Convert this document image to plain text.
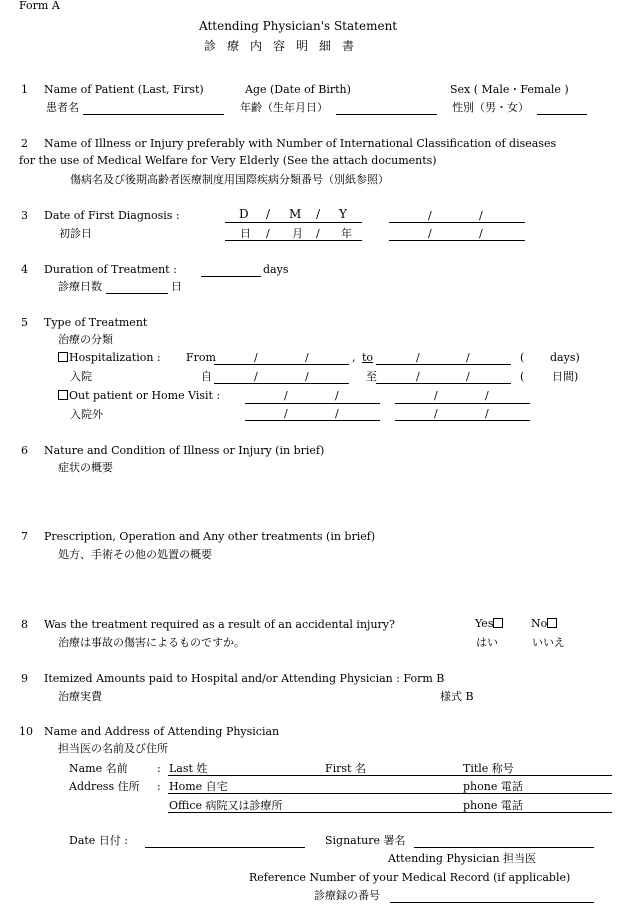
Form A
Attending Physician's Statement
診療内容明細書
1 Name of Patient (Last, First)	Age (Date of Birth)	Sex ( Male・Female )
患者名	年齢（生年月日）	性別（男・女）
2 Name of Illness or Injury preferably with Number of International Classification of diseases
for the use of Medical Welfare for Very Elderly (See the attach documents)
傷病名及び後期高齢者医療制度用国際疾病分類番号（別紙参照）
3 Date of First Diagnosis :
初診日
D / M / Y
日 / 月 / 年
/	/
/	/
4 Duration of Treatment :	days
診療日数	日
5 Type of Treatment
治療の分類
Hospitalization : From	/	/	, to	/	/	( days)
入院	自	/	/	至	/	/	(	日間)
Out patient or Home Visit :	/	/	/	/
入院外	/	/	/	/
6 Nature and Condition of Illness or Injury (in brief)
症状の概要
7 Prescription, Operation and Any other treatments (in brief)
処方、手術その他の処置の概要
8 Was the treatment required as a result of an accidental injury?
治療は事故の傷害によるものですか。
Yes	No
はい	いいえ
9 Itemized Amounts paid to Hospital and/or Attending Physician : Form B
治療実費	様式 B
10 Name and Address of Attending Physician
担当医の名前及び住所
Name 名前	: Last 姓	First 名	Title 称号
Address 住所 : Home 自宅	phone 電話
Office 病院又は診療所	phone 電話
Date 日付 :	Signature 署名
Attending Physician 担当医
Reference Number of your Medical Record (if applicable)
診療録の番号
